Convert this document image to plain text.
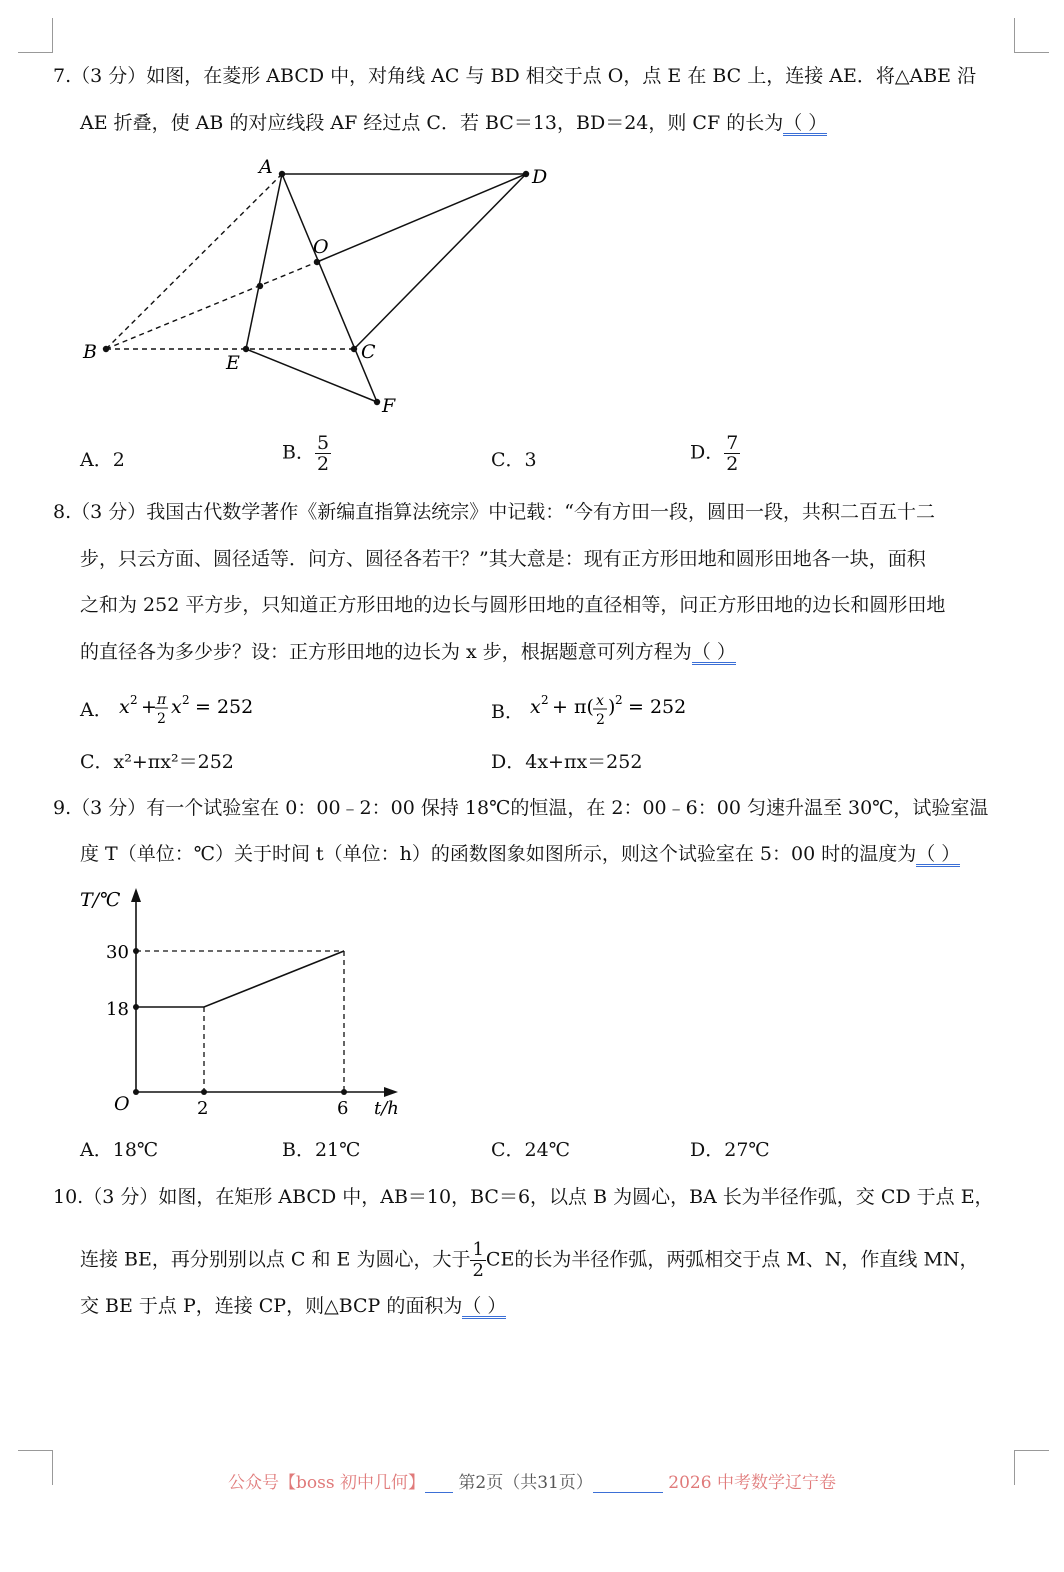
7.（3 分）如图，在菱形 ABCD 中，对角线 AC 与 BD 相交于点 O，点 E 在 BC 上，连接 AE．将△ABE 沿
AE 折叠，使 AB 的对应线段 AF 经过点 C．若 BC＝13，BD＝24，则 CF 的长为（ ）
A	D
O
B	E	C
F
A．2	B． $\frac{5}{2}$	C．3	D． $\frac{7}{2}$
8.（3 分）我国古代数学著作《新编直指算法统宗》中记载：“今有方田一段，圆田一段，共积二百五十二
步，只云方面、圆径适等．问方、圆径各若干？”其大意是：现有正方形田地和圆形田地各一块，面积
之和为 252 平方步，只知道正方形田地的边长与圆形田地的直径相等，问正方形田地的边长和圆形田地
的直径各为多少步？设：正方形田地的边长为 x 步，根据题意可列方程为（ ）
A． x 2 + π
2
x 2 = 252	B． x 2 + π( x
2
) 2 = 252
C．x²+πx²＝252	D．4x+πx＝252
9.（3 分）有一个试验室在 0：00﹣2：00 保持 18℃的恒温，在 2：00﹣6：00 匀速升温至 30℃，试验室温
度 T（单位：℃）关于时间 t（单位：h）的函数图象如图所示，则这个试验室在 5：00 时的温度为（ ）
T/℃
30
18
O	2	6 t/h
A．18℃	B．21℃	C．24℃	D．27℃
10.（3 分）如图，在矩形 ABCD 中，AB＝10，BC＝6，以点 B 为圆心，BA 长为半径作弧，交 CD 于点 E，
连接 BE，再分别别以点 C 和 E 为圆心，大于 $\frac{1}{2}$ CE的长为半径作弧，两弧相交于点 M、N，作直线 MN，
交 BE 于点 P，连接 CP，则△BCP 的面积为（ ）
公众号【boss 初中几何】 第2页（共31页）	2026 中考数学辽宁卷
